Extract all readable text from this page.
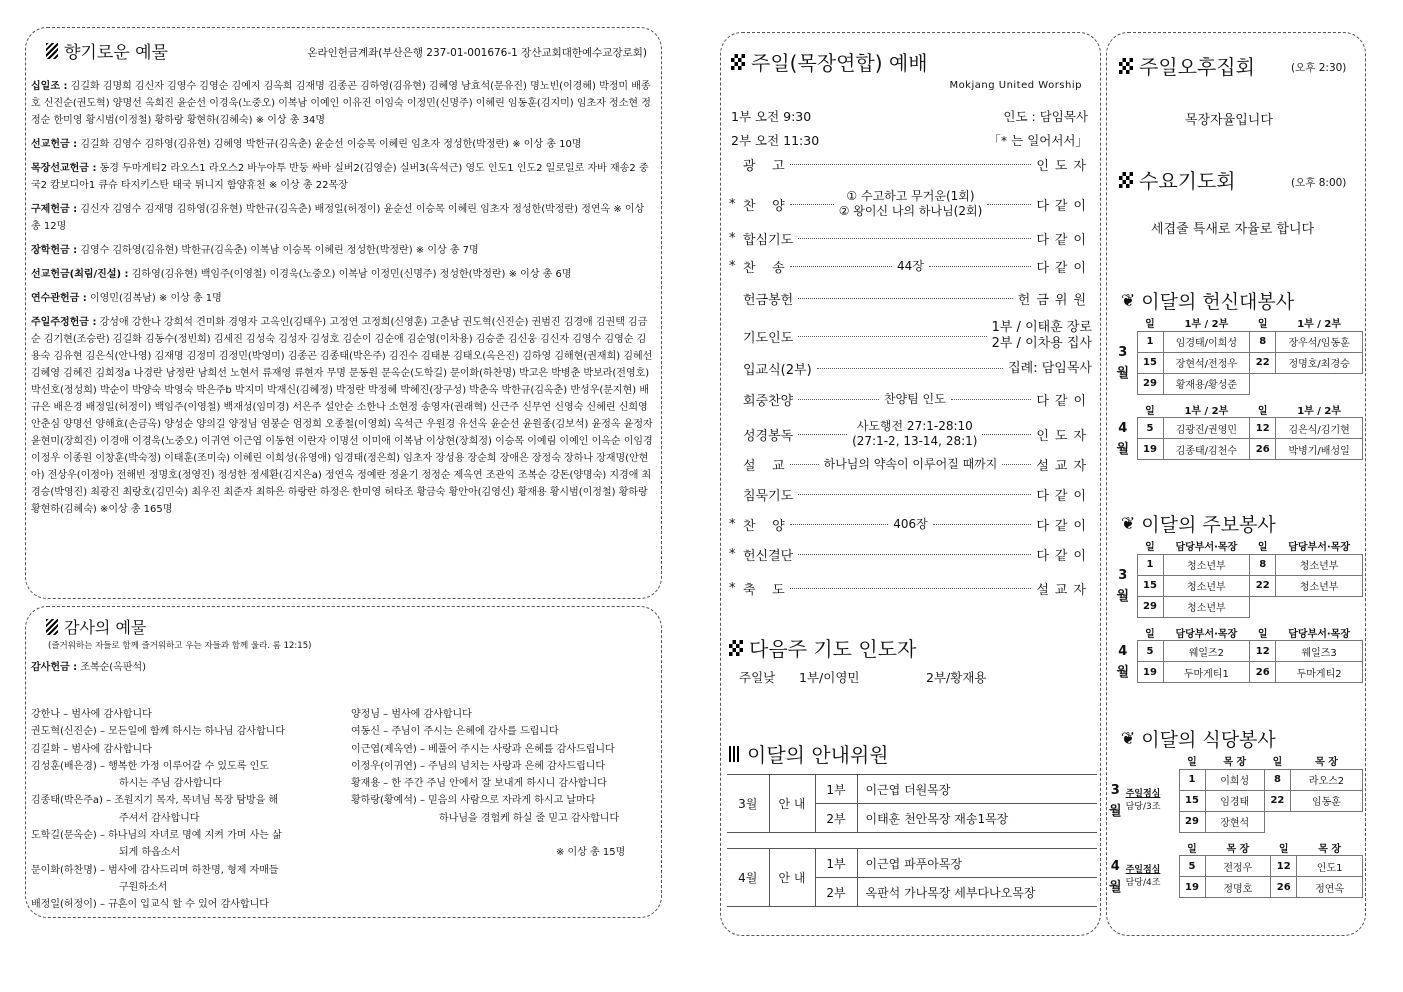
향기로운 예물	온라인헌금계좌(부산은행 237-01-001676-1 장산교회대한예수교장로회)
십일조 : 김길화 김명희 김신자 김영수 김영순 김예지 김옥희 김재명 김종곤 김하영(김유현) 김혜영 남효석(문유진) 명노빈(이경혜) 박정미 배종호 신진순(권도혁) 양명선 옥희진 윤순선 이경욱(노중오) 이복남 이예인 이유진 이임숙 이정민(신명주) 이혜린 임동훈(김지미) 임초자 정소현 정정순 한미영 황시범(이정철) 황하랑 황현하(김혜숙) ※ 이상 총 34명
선교헌금 : 김길화 김영수 김하영(김유현) 김혜영 박한규(김옥춘) 윤순선 이승목 이혜린 임초자 정성한(박정란) ※ 이상 총 10명
목장선교헌금 : 동경 두마게티2 라오스1 라오스2 바누아투 반둥 싸바 실버2(김영순) 실버3(옥석근) 영도 인도1 인도2 일로일로 자바 재송2 중국2 캄보디아1 큐슈 타지키스탄 태국 튀니지 함양휴천 ※ 이상 총 22목장
구제헌금 : 김신자 김영수 김재명 김하영(김유현) 박한규(김옥춘) 배정일(허정이) 윤순선 이승목 이혜린 임초자 정성한(박정란) 정연옥 ※ 이상 총 12명
장학헌금 : 김영수 김하영(김유현) 박한규(김옥춘) 이복남 이승목 이혜린 정성한(박정란) ※ 이상 총 7명
선교헌금(최림/진설) : 김하영(김유현) 백임주(이영철) 이경욱(노중오) 이복남 이정민(신명주) 정성한(박정란) ※ 이상 총 6명
연수관헌금 : 이영민(김복남) ※ 이상 총 1명
주일주정헌금 : 강성애 강한나 강희석 견미화 경영자 고옥인(김태우) 고정연 고정희(신영훈) 고춘남 권도혁(신진순) 권범진 김경애 김권택 김금순 김기현(조승란) 김길화 김동수(정빈희) 김세진 김성숙 김성자 김성호 김순이 김순애 김순영(이차용) 김승준 김신웅 김신자 김영수 김영순 김용숙 김유현 김은식(안나영) 김재명 김정미 김정민(박영미) 김종곤 김종태(박은주) 김진수 김태분 김태오(옥은진) 김하영 김해현(권재희) 김혜선 김혜영 김혜진 김희정a 나경란 남정란 남희선 노현서 류재영 류현자 무명 문동원 문옥순(도학길) 문이화(하찬명) 박고은 박병춘 박보라(전영호) 박선호(정성희) 박순이 박양숙 박영숙 박은주b 박지미 박재신(김혜정) 박정란 박정혜 박혜진(장구성) 박춘옥 박한규(김옥춘) 반성우(문지현) 배규은 배은경 배정일(허정이) 백임주(이영철) 백재성(임미경) 서은주 설안순 소한나 소현정 송영자(권래혁) 신근주 신무연 신영숙 신혜린 신희영 안춘심 양명선 양해효(손금옥) 양성순 양의길 양정님 염봉순 엄정희 오종철(이영희) 옥석근 우원경 유선옥 윤순선 윤원종(김보석) 윤정옥 윤정자 윤현미(장희진) 이경애 이경욱(노중오) 이귀연 이근엽 이동현 이란자 이명선 이미애 이복남 이상현(장희정) 이승목 이예림 이예인 이옥순 이임경 이정우 이종원 이창훈(박숙정) 이태훈(조미숙) 이혜린 이희성(유영애) 임경태(정은희) 임초자 장성용 장순희 장애은 장정숙 장하나 장재명(안현아) 전상우(이정아) 전해빈 정명호(정영진) 정성한 정세환(김지은a) 정연옥 정예란 정윤기 정정순 제옥연 조관익 조복순 강돈(양명숙) 지경애 최경승(박영진) 최광진 최랑호(김민숙) 최우진 최준자 최하은 하랑란 하정은 한미영 허타조 황금숙 황안아(김영신) 황재용 황시범(이정철) 황하랑 황현하(김혜숙) ※이상 총 165명
감사의 예물
(즐거워하는 자들로 함께 즐거워하고 우는 자들과 함께 울라. 롬 12:15)
감사헌금 : 조복순(옥판석)
강한나 – 범사에 감사합니다
권도혁(신진순) – 모든일에 함께 하시는 하나님 감사합니다
김길화 – 범사에 감사합니다
김성훈(배은경) – 행복한 가정 이루어갈 수 있도록 인도
하시는 주님 감사합니다
김종태(박은주a) – 조원지기 목자, 목녀님 목장 탐방을 해
주셔서 감사합니다
도학길(문옥순) – 하나님의 자녀로 명예 지켜 가며 사는 삶
되게 하옵소서
문이화(하찬명) – 범사에 감사드리며 하찬명, 형제 자매들
구원하소서
배정일(허정이) – 규흔이 입교식 할 수 있어 감사합니다
양정님 – 범사에 감사합니다
여동신 – 주님이 주시는 은혜에 감사를 드립니다
이근엽(제옥연) – 베풀어 주시는 사랑과 은혜를 감사드립니다
이정우(이귀연) – 주님의 넘치는 사랑과 은혜 감사드립니다
황재용 – 한 주간 주님 안에서 잘 보내게 하시니 감사합니다
황하랑(황예석) – 믿음의 사람으로 자라게 하시고 날마다
하나님을 경험케 하실 줄 믿고 감사합니다
※ 이상 총 15명
주일(목장연합) 예배
Mokjang United Worship
1부 오전 9:30	인도 : 담임목사
2부 오전 11:30	「* 는 일어서서」
광    고	인도자
* 찬    양
① 수고하고 무거운(1회)
② 왕이신 나의 하나님(2회)	다같이
* 합심기도	다같이
* 찬    송	44장	다같이
헌금봉헌	헌금위원
기도인도
1부 / 이태훈 장로
2부 / 이차용 집사
입교식(2부)	집례: 담임목사
회중찬양	찬양팀 인도	다같이
성경봉독
사도행전 27:1-28:10
(27:1-2, 13-14, 28:1)	인도자
설    교	하나님의 약속이 이루어질 때까지	설교자
침묵기도	다같이
* 찬    양	406장	다같이
* 헌신결단	다같이
* 축    도	설교자
다음주 기도 인도자
주일낮 1부/이영민	2부/황재용
이달의 안내위원
3월	안 내	1부	이근엽 더원목장
		2부	이태훈 천안목장 재송1목장

4월	안 내	1부	이근엽 파푸아목장
		2부	옥판석 가나목장 세부다나오목장
주일오후집회	(오후 2:30)
목장자율입니다
수요기도회	(오후 8:00)
세겹줄 특새로 자율로 합니다
❦ 이달의 헌신대봉사
	일	1부 / 2부	일	1부 / 2부

3
월	1	임경태/이희성	8	장우석/임동훈
	15	장현석/전정우	22	정명호/최경승
	29	황재용/황성준		
	일	1부 / 2부	일	1부 / 2부

4
월	5	김광진/권영민	12	김은식/김기현
	19	김종태/김천수	26	박병기/배성일
❦ 이달의 주보봉사
	일	담당부서·목장	일	담당부서·목장

3
월	1	청소년부	8	청소년부
	15	청소년부	22	청소년부
	29	청소년부		
	일	담당부서·목장	일	담당부서·목장

4
월	5	웨일즈2	12	웨일즈3
	19	두마게티1	26	두마게티2
❦ 이달의 식당봉사
	일	목 장	일	목 장

3
월
주일점심
담당/3조	1	이희성	8	라오스2
	15	임경태	22	임동훈
	29	장현석		
	일	목 장	일	목 장

4
월
주일점심
담당/4조	5	전정우	12	인도1
	19	정명호	26	정연옥
